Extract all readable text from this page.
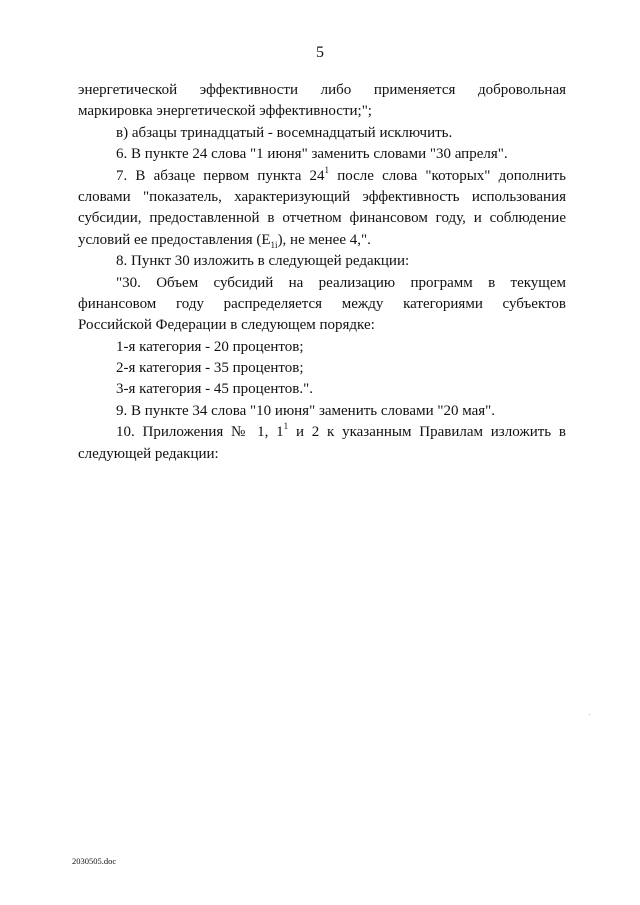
5
энергетической эффективности либо применяется добровольная
маркировка энергетической эффективности;";
в) абзацы тринадцатый - восемнадцатый исключить.
6. В пункте 24 слова "1 июня" заменить словами "30 апреля".
7. В абзаце первом пункта $24^1$ после слова "которых" дополнить
словами "показатель, характеризующий эффективность использования
субсидии, предоставленной в отчетном финансовом году, и соблюдение
условий ее предоставления $(E_{1i})$, не менее 4,".
8. Пункт 30 изложить в следующей редакции:
"30. Объем субсидий на реализацию программ в текущем
финансовом году распределяется между категориями субъектов
Российской Федерации в следующем порядке:
1-я категория - 20 процентов;
2-я категория - 35 процентов;
3-я категория - 45 процентов.".
9. В пункте 34 слова "10 июня" заменить словами "20 мая".
10. Приложения № 1, $1^1$ и 2 к указанным Правилам изложить в
следующей редакции:
2030505.doc
